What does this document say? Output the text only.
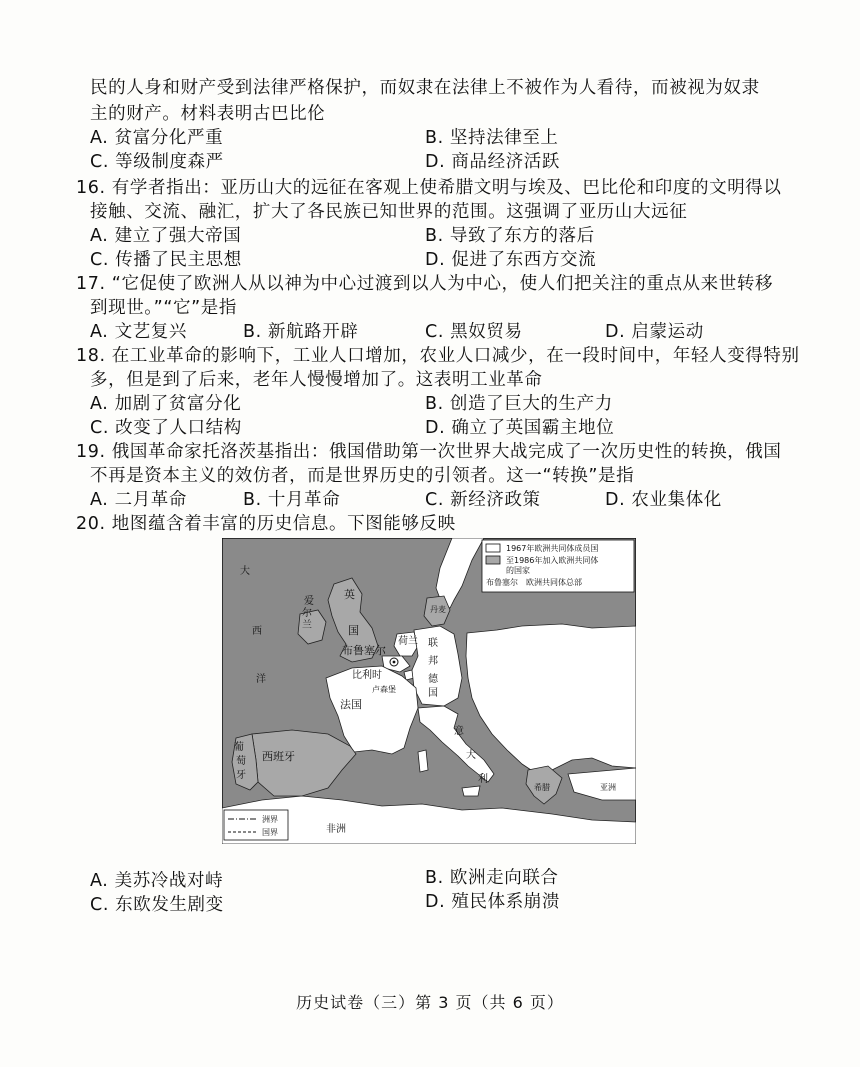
民的人身和财产受到法律严格保护，而奴隶在法律上不被作为人看待，而被视为奴隶
主的财产。材料表明古巴比伦
A. 贫富分化严重	B. 坚持法律至上
C. 等级制度森严	D. 商品经济活跃
16. 有学者指出：亚历山大的远征在客观上使希腊文明与埃及、巴比伦和印度的文明得以
接触、交流、融汇，扩大了各民族已知世界的范围。这强调了亚历山大远征
A. 建立了强大帝国	B. 导致了东方的落后
C. 传播了民主思想	D. 促进了东西方交流
17. “它促使了欧洲人从以神为中心过渡到以人为中心，使人们把关注的重点从来世转移
到现世。”“它”是指
A. 文艺复兴	B. 新航路开辟	C. 黑奴贸易	D. 启蒙运动
18. 在工业革命的影响下，工业人口增加，农业人口减少，在一段时间中，年轻人变得特别
多，但是到了后来，老年人慢慢增加了。这表明工业革命
A. 加剧了贫富分化	B. 创造了巨大的生产力
C. 改变了人口结构	D. 确立了英国霸主地位
19. 俄国革命家托洛茨基指出：俄国借助第一次世界大战完成了一次历史性的转换，俄国
不再是资本主义的效仿者，而是世界历史的引领者。这一“转换”是指
A. 二月革命	B. 十月革命	C. 新经济政策	D. 农业集体化
20. 地图蕴含着丰富的历史信息。下图能够反映
大
西
洋
英
国
爱
尔
兰
丹麦
荷兰
布鲁塞尔
联
邦
德
国
比利时
卢森堡
法国
意
大
利
葡
萄
牙
西班牙
希腊	亚洲
非洲
1967年欧洲共同体成员国
至1986年加入欧洲共同体
的国家
布鲁塞尔 欧洲共同体总部
洲界
国界
A. 美苏冷战对峙	B. 欧洲走向联合
C. 东欧发生剧变	D. 殖民体系崩溃
历史试卷（三）第 3 页（共 6 页）
